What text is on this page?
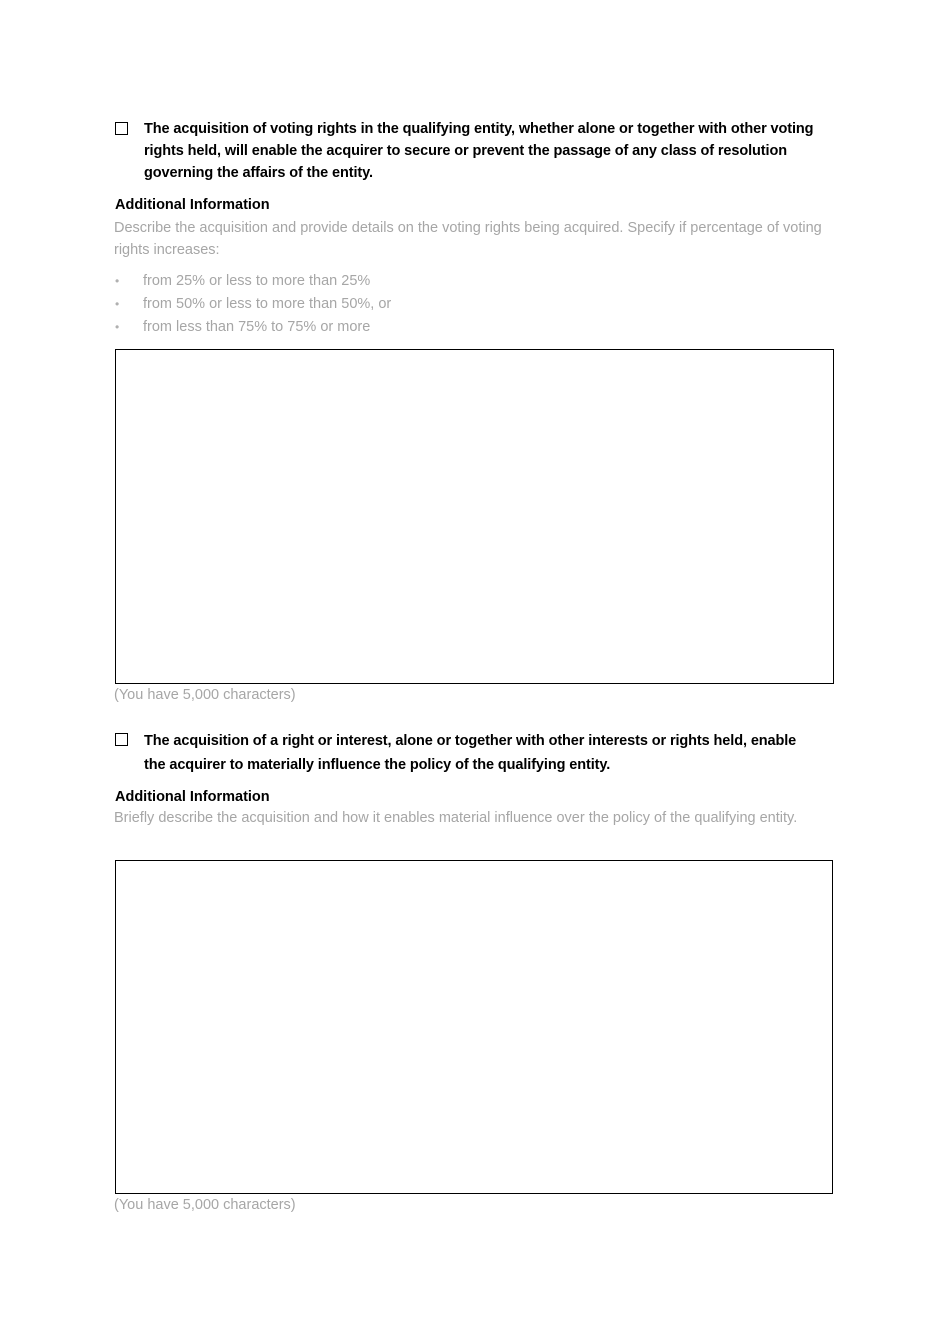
The acquisition of voting rights in the qualifying entity, whether alone or together with other voting rights held, will enable the acquirer to secure or prevent the passage of any class of resolution governing the affairs of the entity.
Additional Information
Describe the acquisition and provide details on the voting rights being acquired. Specify if percentage of voting rights increases:
• from 25% or less to more than 25%
• from 50% or less to more than 50%, or
• from less than 75% to 75% or more
(You have 5,000 characters)
The acquisition of a right or interest, alone or together with other interests or rights held, enable the acquirer to materially influence the policy of the qualifying entity.
Additional Information
Briefly describe the acquisition and how it enables material influence over the policy of the qualifying entity.
(You have 5,000 characters)
